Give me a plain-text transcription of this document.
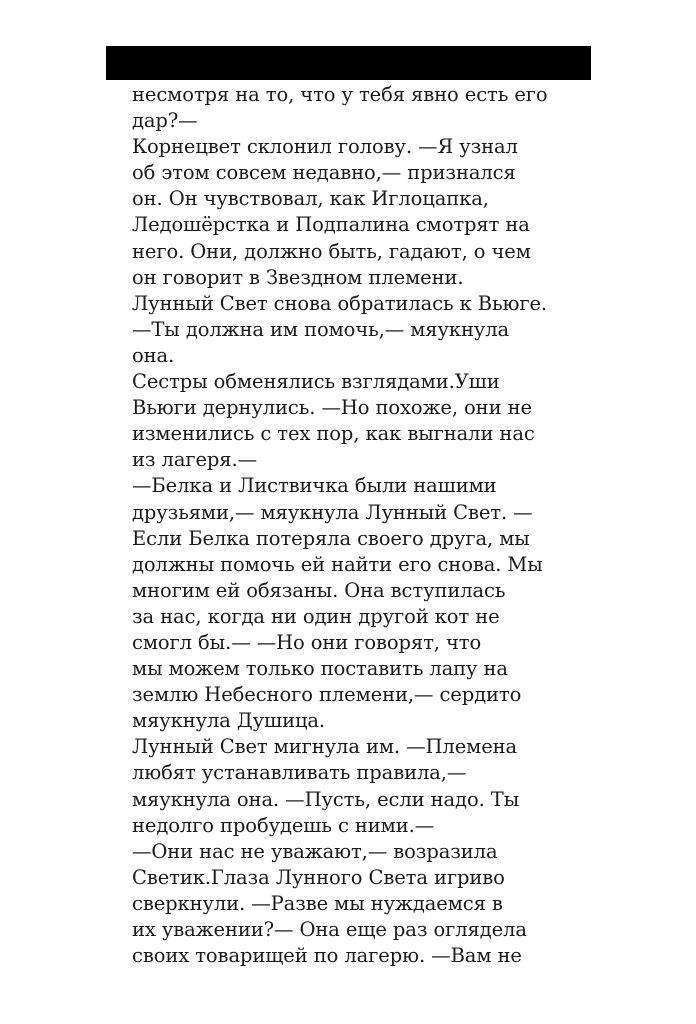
несмотря на то, что у тебя явно есть его
дар?—
Корнецвет склонил голову. —Я узнал
об этом совсем недавно,— признался
он. Он чувствовал, как Иглоцапка,
Ледошёрстка и Подпалина смотрят на
него. Они, должно быть, гадают, о чем
он говорит в Звездном племени.
Лунный Свет снова обратилась к Вьюге.
—Ты должна им помочь,— мяукнула
она.
Сестры обменялись взглядами.Уши
Вьюги дернулись. —Но похоже, они не
изменились с тех пор, как выгнали нас
из лагеря.—
—Белка и Листвичка были нашими
друзьями,— мяукнула Лунный Свет. —
Если Белка потеряла своего друга, мы
должны помочь ей найти его снова. Мы
многим ей обязаны. Она вступилась
за нас, когда ни один другой кот не
смогл бы.— —Но они говорят, что
мы можем только поставить лапу на
землю Небесного племени,— сердито
мяукнула Душица.
Лунный Свет мигнула им. —Племена
любят устанавливать правила,—
мяукнула она. —Пусть, если надо. Ты
недолго пробудешь с ними.—
—Они нас не уважают,— возразила
Светик.Глаза Лунного Света игриво
сверкнули. —Разве мы нуждаемся в
их уважении?— Она еще раз оглядела
своих товарищей по лагерю. —Вам не
